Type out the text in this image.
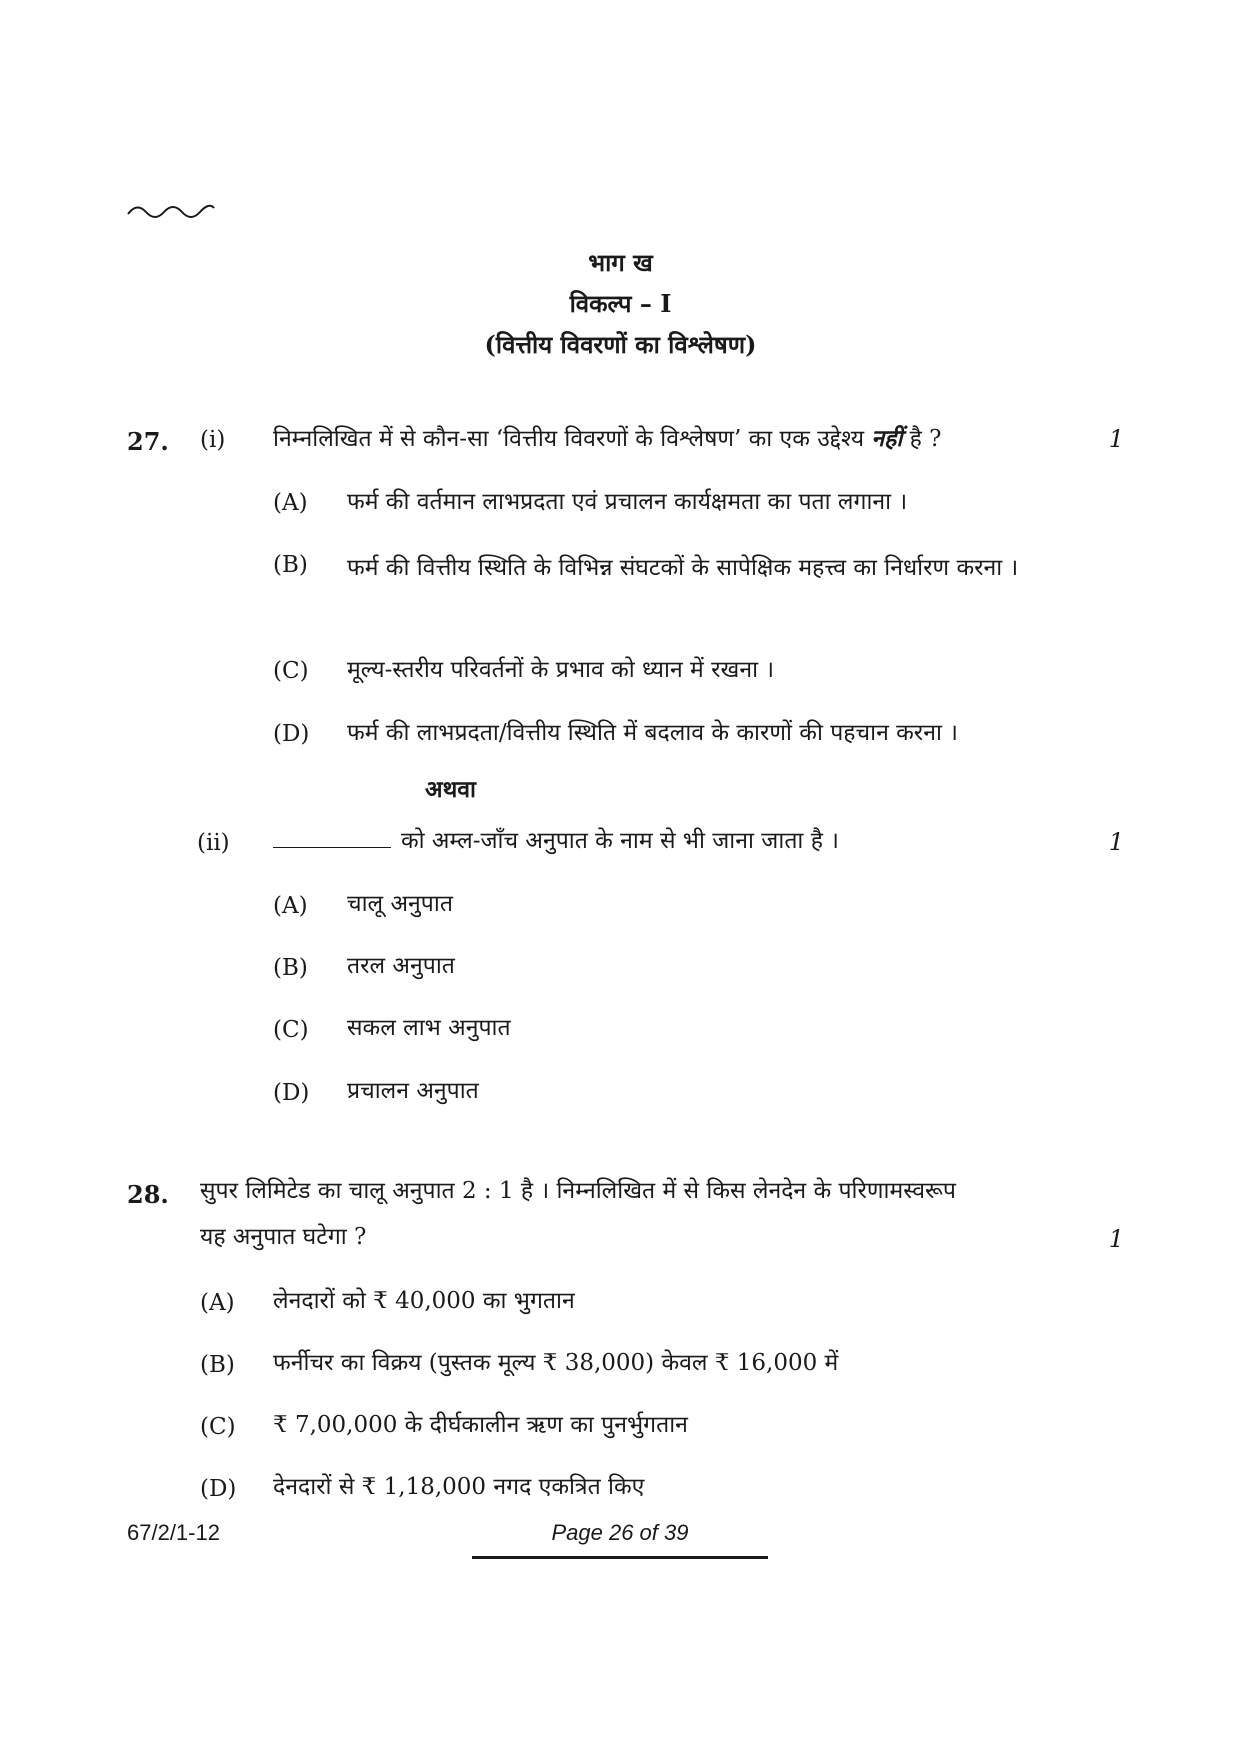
भाग ख
विकल्प – I
(वित्तीय विवरणों का विश्लेषण)
27. (i) निम्नलिखित में से कौन-सा ‘वित्तीय विवरणों के विश्लेषण’ का एक उद्देश्य नहीं है ?	1
(A) फर्म की वर्तमान लाभप्रदता एवं प्रचालन कार्यक्षमता का पता लगाना ।
(B) फर्म की वित्तीय स्थिति के विभिन्न संघटकों के सापेक्षिक महत्त्व का निर्धारण करना ।
(C) मूल्य-स्तरीय परिवर्तनों के प्रभाव को ध्यान में रखना ।
(D) फर्म की लाभप्रदता/वित्तीय स्थिति में बदलाव के कारणों की पहचान करना ।
अथवा
(ii)	को अम्ल-जाँच अनुपात के नाम से भी जाना जाता है ।	1
(A) चालू अनुपात
(B) तरल अनुपात
(C) सकल लाभ अनुपात
(D) प्रचालन अनुपात
28. सुपर लिमिटेड का चालू अनुपात 2 : 1 है । निम्नलिखित में से किस लेनदेन के परिणामस्वरूप
यह अनुपात घटेगा ?	1
(A) लेनदारों को ₹ 40,000 का भुगतान
(B) फर्नीचर का विक्रय (पुस्तक मूल्य ₹ 38,000) केवल ₹ 16,000 में
(C) ₹ 7,00,000 के दीर्घकालीन ऋण का पुनर्भुगतान
(D) देनदारों से ₹ 1,18,000 नगद एकत्रित किए
67/2/1-12	Page 26 of 39
